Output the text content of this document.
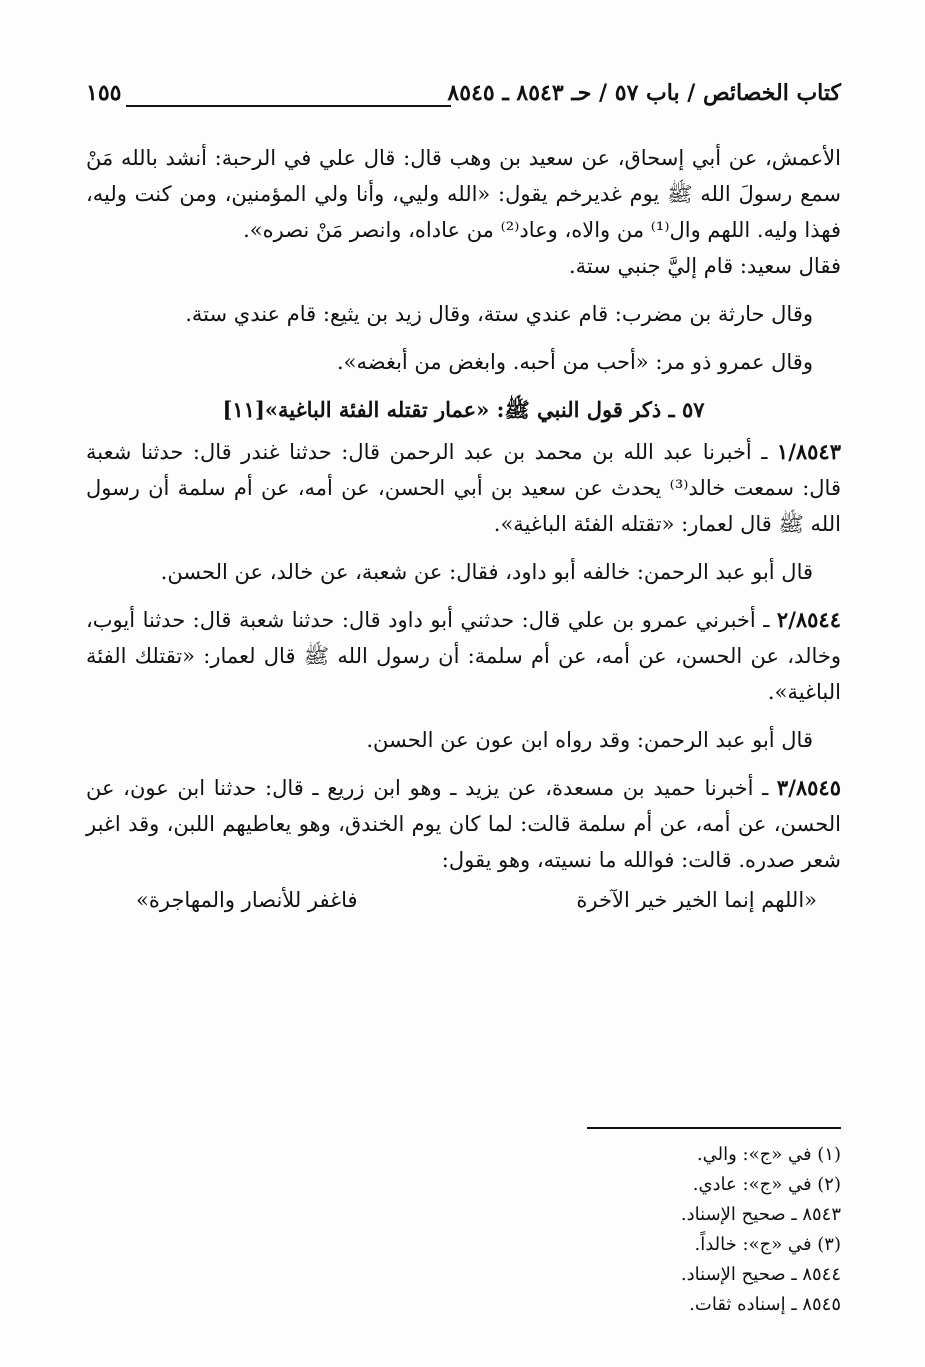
كتاب الخصائص / باب ٥٧ / حـ ٨٥٤٣ ـ ٨٥٤٥
١٥٥

الأعمش، عن أبي إسحاق، عن سعيد بن وهب قال: قال علي في الرحبة: أنشد بالله مَنْ سمع رسولَ الله ﷺ يوم غديرخم يقول: «الله وليي، وأنا ولي المؤمنين، ومن كنت وليه، فهذا وليه. اللهم وال⁽¹⁾ من والاه، وعاد⁽²⁾ من عاداه، وانصر مَنْ نصره».

فقال سعيد: قام إليَّ جنبي ستة.

وقال حارثة بن مضرب: قام عندي ستة، وقال زيد بن يثيع: قام عندي ستة.

وقال عمرو ذو مر: «أحب من أحبه. وابغض من أبغضه».

٥٧ ـ ذكر قول النبي ﷺ: «عمار تقتله الفئة الباغية»[١١]

١/٨٥٤٣ ـ أخبرنا عبد الله بن محمد بن عبد الرحمن قال: حدثنا غندر قال: حدثنا شعبة قال: سمعت خالد⁽³⁾ يحدث عن سعيد بن أبي الحسن، عن أمه، عن أم سلمة أن رسول الله ﷺ قال لعمار: «تقتله الفئة الباغية».

قال أبو عبد الرحمن: خالفه أبو داود، فقال: عن شعبة، عن خالد، عن الحسن.

٢/٨٥٤٤ ـ أخبرني عمرو بن علي قال: حدثني أبو داود قال: حدثنا شعبة قال: حدثنا أيوب، وخالد، عن الحسن، عن أمه، عن أم سلمة: أن رسول الله ﷺ قال لعمار: «تقتلك الفئة الباغية».

قال أبو عبد الرحمن: وقد رواه ابن عون عن الحسن.

٣/٨٥٤٥ ـ أخبرنا حميد بن مسعدة، عن يزيد ـ وهو ابن زريع ـ قال: حدثنا ابن عون، عن الحسن، عن أمه، عن أم سلمة قالت: لما كان يوم الخندق، وهو يعاطيهم اللبن، وقد اغبر شعر صدره. قالت: فوالله ما نسيته، وهو يقول:

«اللهم إنما الخير خير الآخرة
فاغفر للأنصار والمهاجرة»

(١) في «ج»: والي.
(٢) في «ج»: عادي.
٨٥٤٣ ـ صحيح الإسناد.
(٣) في «ج»: خالداً.
٨٥٤٤ ـ صحيح الإسناد.
٨٥٤٥ ـ إسناده ثقات.
